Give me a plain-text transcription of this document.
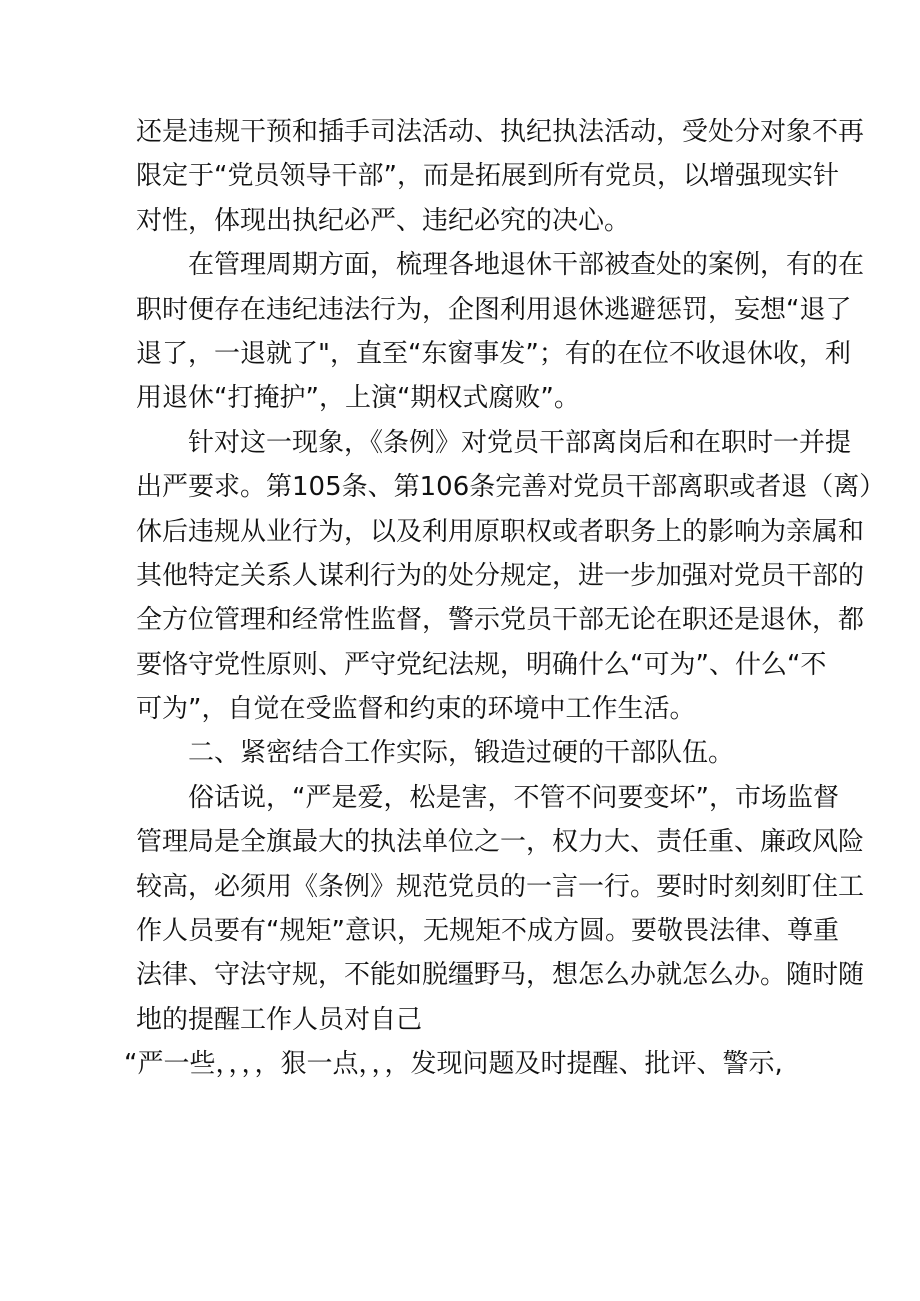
还是违规干预和插手司法活动、执纪执法活动，受处分对象不再
限定于“党员领导干部”，而是拓展到所有党员，以增强现实针
对性，体现出执纪必严、违纪必究的决心。
在管理周期方面，梳理各地退休干部被查处的案例，有的在
职时便存在违纪违法行为，企图利用退休逃避惩罚，妄想“退了
退了，一退就了"，直至“东窗事发”；有的在位不收退休收，利
用退休“打掩护”，上演“期权式腐败”。
针对这一现象，《条例》对党员干部离岗后和在职时一并提
出严要求。第105条、第106条完善对党员干部离职或者退（离）
休后违规从业行为，以及利用原职权或者职务上的影响为亲属和
其他特定关系人谋利行为的处分规定，进一步加强对党员干部的
全方位管理和经常性监督，警示党员干部无论在职还是退休，都
要恪守党性原则、严守党纪法规，明确什么“可为”、什么“不
可为”，自觉在受监督和约束的环境中工作生活。
二、紧密结合工作实际，锻造过硬的干部队伍。
俗话说，“严是爱，松是害，不管不问要变坏”，市场监督
管理局是全旗最大的执法单位之一，权力大、责任重、廉政风险
较高，必须用《条例》规范党员的一言一行。要时时刻刻盯住工
作人员要有“规矩”意识，无规矩不成方圆。要敬畏法律、尊重
法律、守法守规，不能如脱缰野马，想怎么办就怎么办。随时随
地的提醒工作人员对自己
“严一些，，，，狠一点，，，发现问题及时提醒、批评、警示,
